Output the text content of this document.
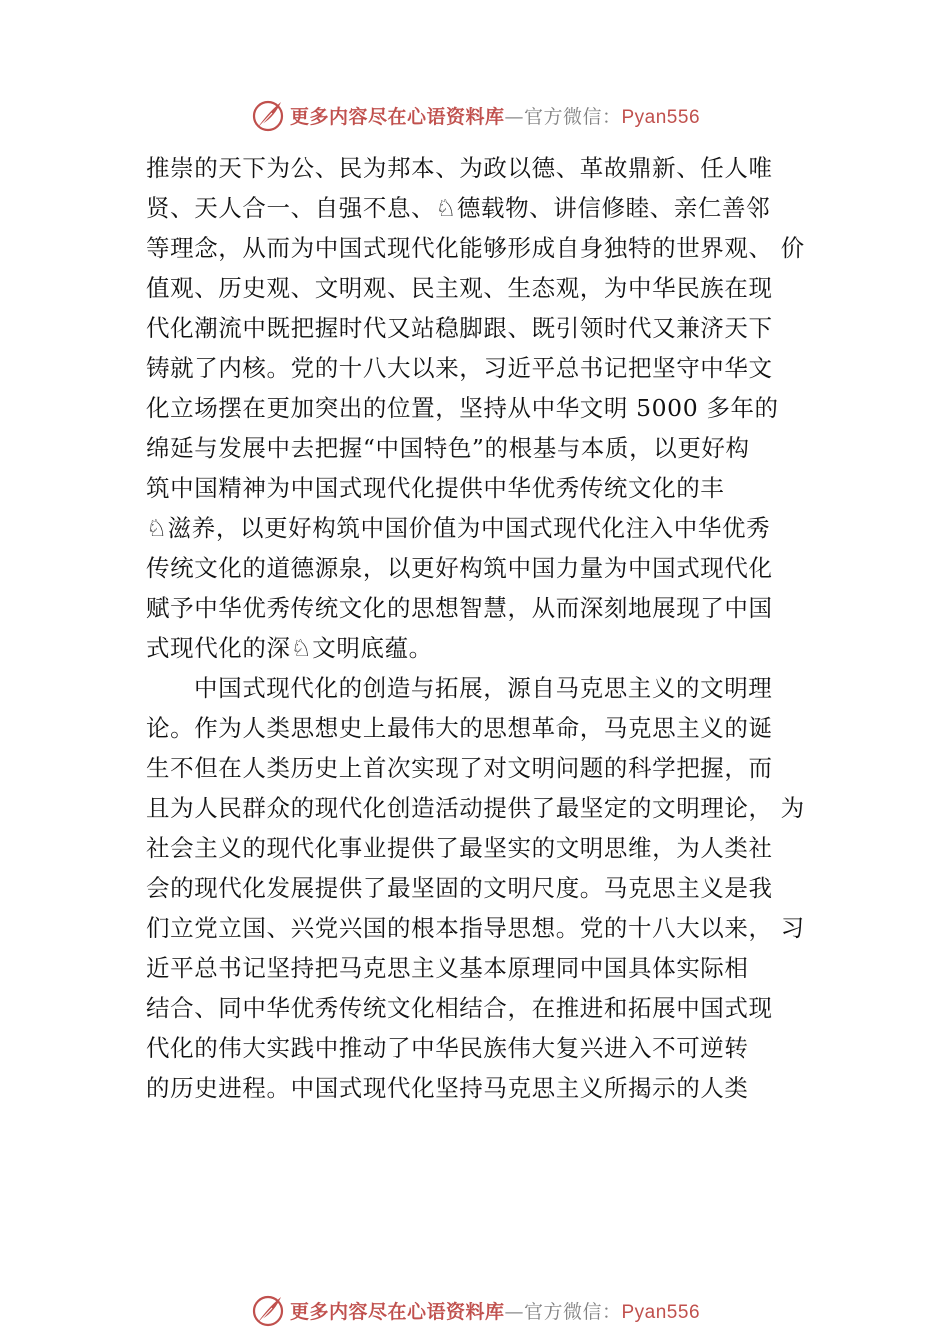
更多内容尽在心语资料库—官方微信：Pyan556
推崇的天下为公、民为邦本、为政以德、革故鼎新、任人唯
贤、天人合一、自强不息、♘德载物、讲信修睦、亲仁善邻
等理念，从而为中国式现代化能够形成自身独特的世界观、 价
值观、历史观、文明观、民主观、生态观，为中华民族在现
代化潮流中既把握时代又站稳脚跟、既引领时代又兼济天下
铸就了内核。党的十八大以来，习近平总书记把坚守中华文
化立场摆在更加突出的位置，坚持从中华文明 5000 多年的
绵延与发展中去把握“中国特色”的根基与本质，以更好构
筑中国精神为中国式现代化提供中华优秀传统文化的丰
♘滋养，以更好构筑中国价值为中国式现代化注入中华优秀
传统文化的道德源泉，以更好构筑中国力量为中国式现代化
赋予中华优秀传统文化的思想智慧，从而深刻地展现了中国
式现代化的深♘文明底蕴。
中国式现代化的创造与拓展，源自马克思主义的文明理
论。作为人类思想史上最伟大的思想革命，马克思主义的诞
生不但在人类历史上首次实现了对文明问题的科学把握，而
且为人民群众的现代化创造活动提供了最坚定的文明理论， 为
社会主义的现代化事业提供了最坚实的文明思维，为人类社
会的现代化发展提供了最坚固的文明尺度。马克思主义是我
们立党立国、兴党兴国的根本指导思想。党的十八大以来， 习
近平总书记坚持把马克思主义基本原理同中国具体实际相
结合、同中华优秀传统文化相结合，在推进和拓展中国式现
代化的伟大实践中推动了中华民族伟大复兴进入不可逆转
的历史进程。中国式现代化坚持马克思主义所揭示的人类
更多内容尽在心语资料库—官方微信：Pyan556
